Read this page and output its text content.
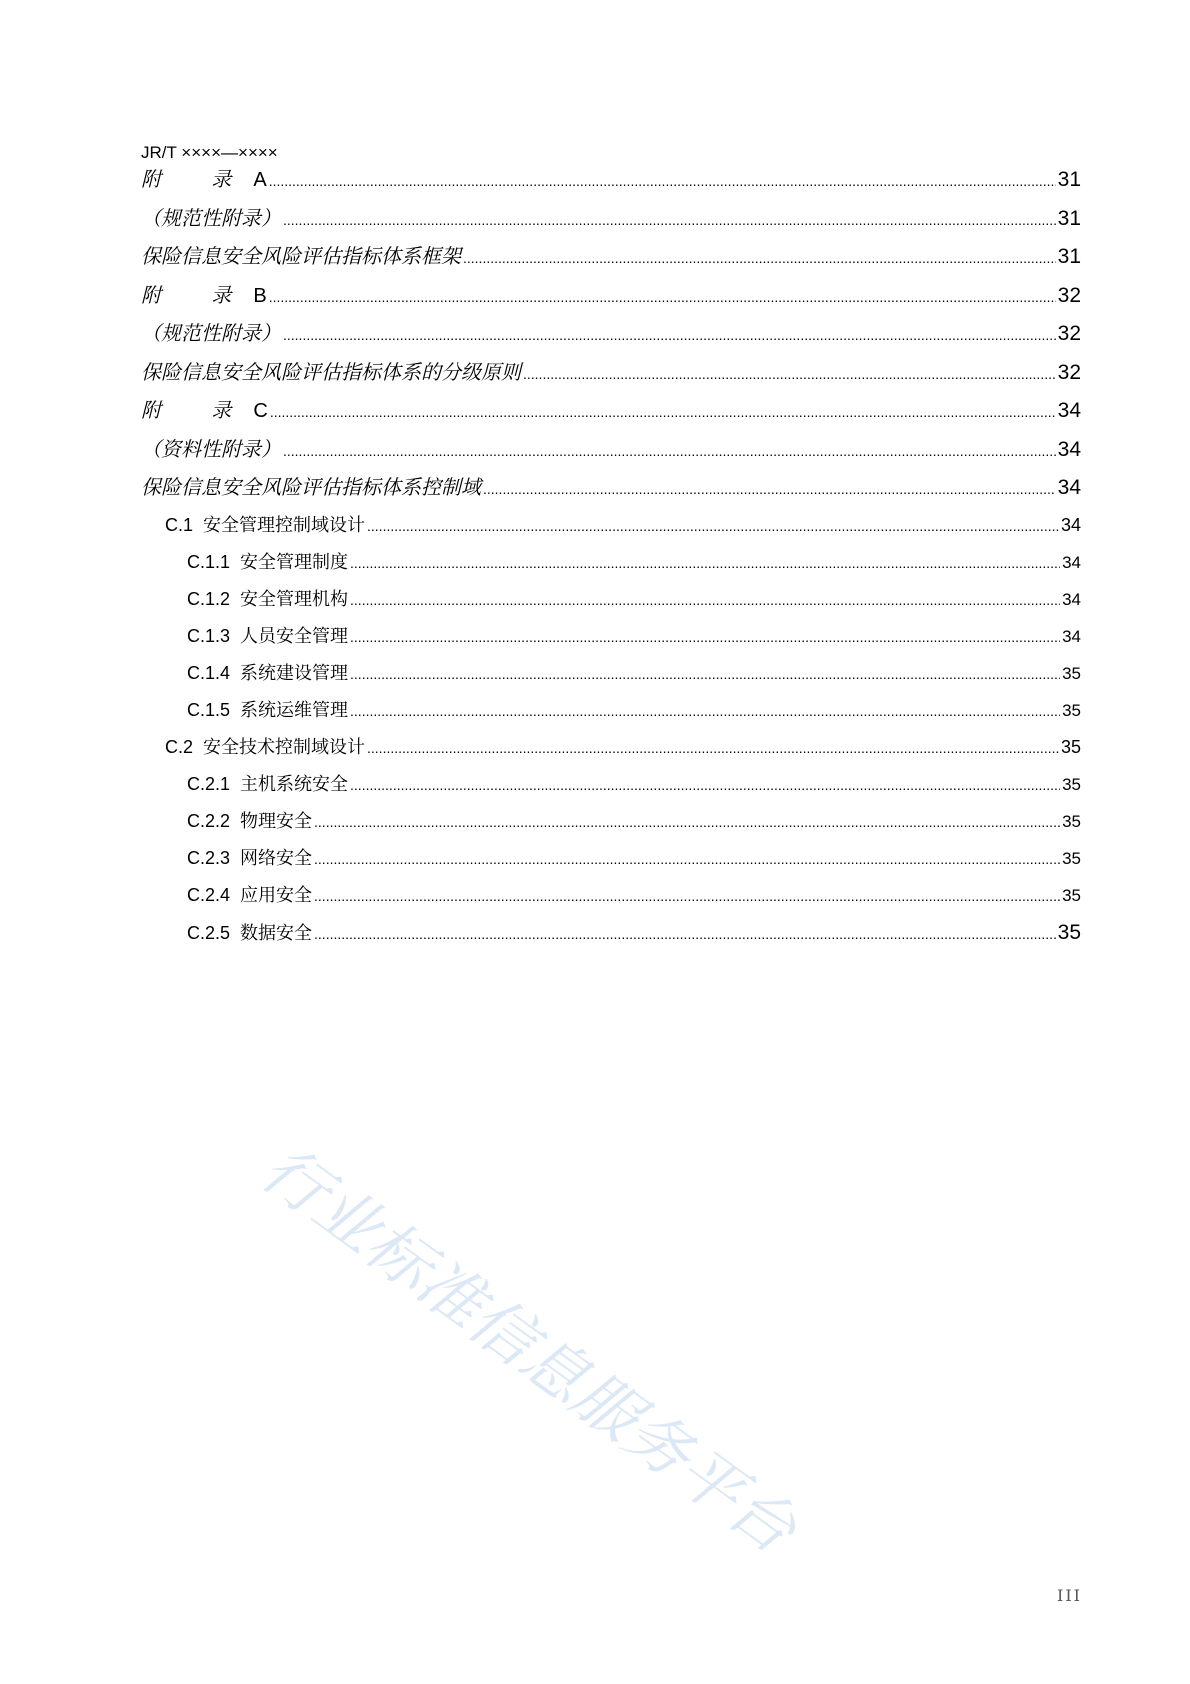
JR/T ××××—××××
附 录A .....	31
（规范性附录） .....	31
保险信息安全风险评估指标体系框架 .....	31
附 录B .....	32
（规范性附录） .....	32
保险信息安全风险评估指标体系的分级原则 .....	32
附 录C .....	34
（资料性附录） .....	34
保险信息安全风险评估指标体系控制域 .....	34
C.1 安全管理控制域设计 .....	34
C.1.1 安全管理制度 .....	34
C.1.2 安全管理机构 .....	34
C.1.3 人员安全管理 .....	34
C.1.4 系统建设管理 .....	35
C.1.5 系统运维管理 .....	35
C.2 安全技术控制域设计 .....	35
C.2.1 主机系统安全 .....	35
C.2.2 物理安全 .....	35
C.2.3 网络安全 .....	35
C.2.4 应用安全 .....	35
C.2.5 数据安全 .....	35
行业标准信息服务平台
III
